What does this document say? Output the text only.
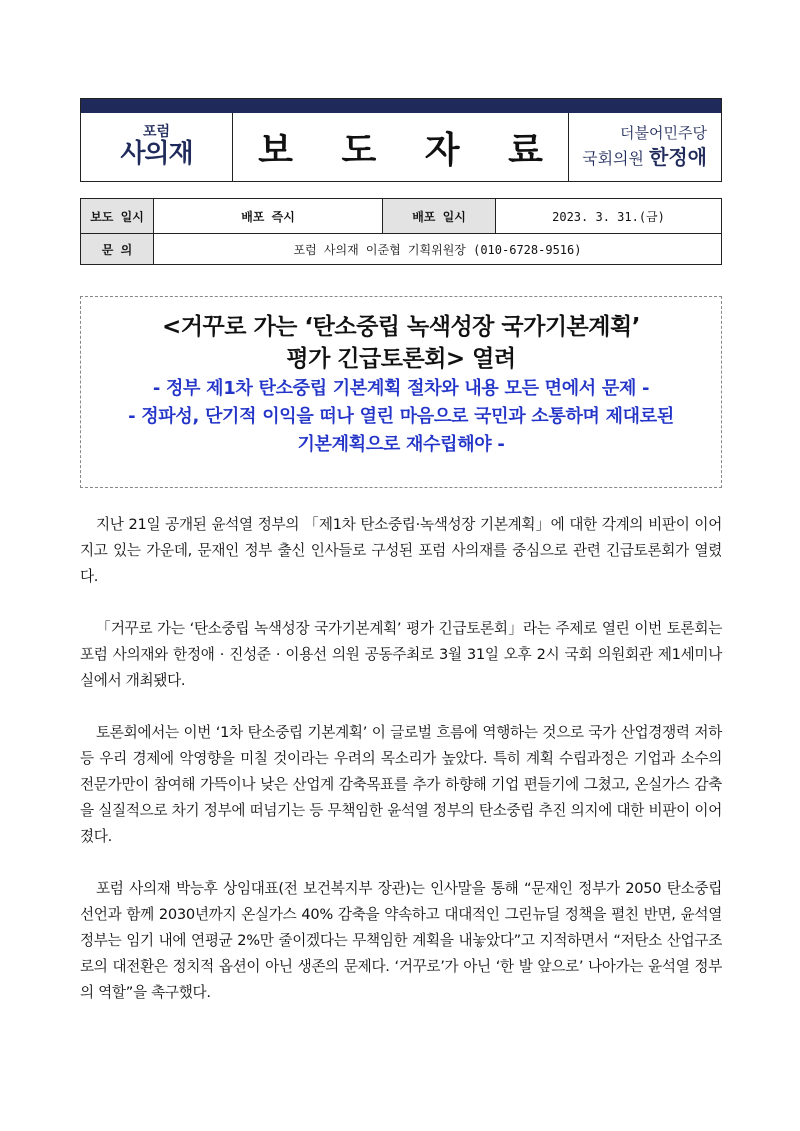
포럼
사의재	보 도 자 료	더불어민주당
국회의원 한정애
보도 일시	배포 즉시	배포 일시	2023. 3. 31.(금)
문 의	포럼 사의재 이준협 기획위원장 (010-6728-9516)		
<거꾸로 가는 ‘탄소중립 녹색성장 국가기본계획’
평가 긴급토론회> 열려
- 정부 제1차 탄소중립 기본계획 절차와 내용 모든 면에서 문제 -
- 정파성, 단기적 이익을 떠나 열린 마음으로 국민과 소통하며 제대로된
기본계획으로 재수립해야 -

지난 21일 공개된 윤석열 정부의 「제1차 탄소중립·녹색성장 기본계획」에 대한 각계의 비판이 이어지고 있는 가운데, 문재인 정부 출신 인사들로 구성된 포럼 사의재를 중심으로 관련 긴급토론회가 열렸다.

「거꾸로 가는 ‘탄소중립 녹색성장 국가기본계획’ 평가 긴급토론회」라는 주제로 열린 이번 토론회는 포럼 사의재와 한정애 · 진성준 · 이용선 의원 공동주최로 3월 31일 오후 2시 국회 의원회관 제1세미나실에서 개최됐다.

토론회에서는 이번 ‘1차 탄소중립 기본계획’ 이 글로벌 흐름에 역행하는 것으로 국가 산업경쟁력 저하 등 우리 경제에 악영향을 미칠 것이라는 우려의 목소리가 높았다. 특히 계획 수립과정은 기업과 소수의 전문가만이 참여해 가뜩이나 낮은 산업계 감축목표를 추가 하향해 기업 편들기에 그쳤고, 온실가스 감축을 실질적으로 차기 정부에 떠넘기는 등 무책임한 윤석열 정부의 탄소중립 추진 의지에 대한 비판이 이어졌다.

포럼 사의재 박능후 상임대표(전 보건복지부 장관)는 인사말을 통해 “문재인 정부가 2050 탄소중립 선언과 함께 2030년까지 온실가스 40% 감축을 약속하고 대대적인 그린뉴딜 정책을 펼친 반면, 윤석열 정부는 임기 내에 연평균 2%만 줄이겠다는 무책임한 계획을 내놓았다”고 지적하면서 “저탄소 산업구조로의 대전환은 정치적 옵션이 아닌 생존의 문제다. ‘거꾸로’가 아닌 ‘한 발 앞으로’ 나아가는 윤석열 정부의 역할”을 촉구했다.
